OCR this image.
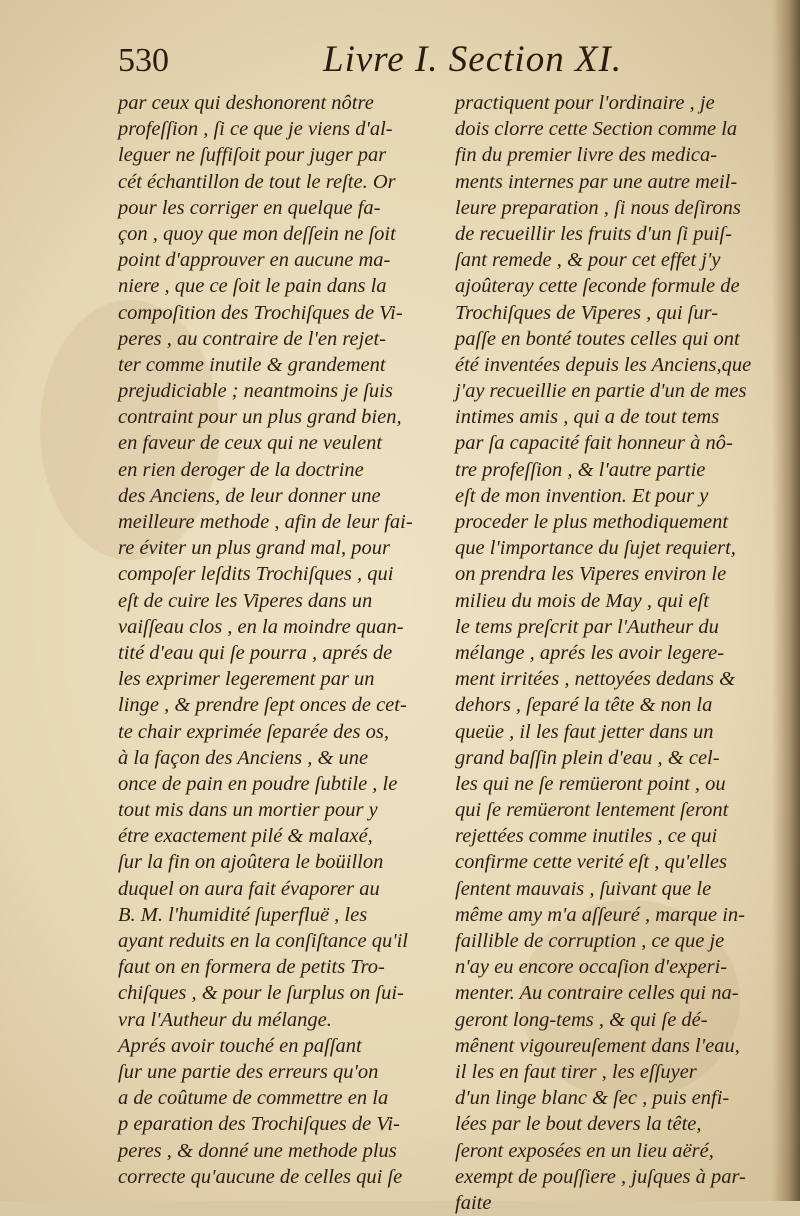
530	Livre I. Section XI.
par ceux qui deshonorent nôtre
profeſſion , ſi ce que je viens d'al-
leguer ne ſuffiſoit pour juger par
cét échantillon de tout le reſte. Or
pour les corriger en quelque fa-
çon , quoy que mon deſſein ne ſoit
point d'approuver en aucune ma-
niere , que ce ſoit le pain dans la
compoſition des Trochiſques de Vi-
peres , au contraire de l'en rejet-
ter comme inutile & grandement
prejudiciable ; neantmoins je ſuis
contraint pour un plus grand bien,
en faveur de ceux qui ne veulent
en rien deroger de la doctrine
des Anciens, de leur donner une
meilleure methode , afin de leur fai-
re éviter un plus grand mal, pour
compoſer leſdits Trochiſques , qui
eſt de cuire les Viperes dans un
vaiſſeau clos , en la moindre quan-
tité d'eau qui ſe pourra , aprés de
les exprimer legerement par un
linge , & prendre ſept onces de cet-
te chair exprimée ſeparée des os,
à la façon des Anciens , & une
once de pain en poudre ſubtile , le
tout mis dans un mortier pour y
étre exactement pilé & malaxé,
ſur la fin on ajoûtera le boüillon
duquel on aura fait évaporer au
B. M. l'humidité ſuperfluë , les
ayant reduits en la conſiſtance qu'il
faut on en formera de petits Tro-
chiſques , & pour le ſurplus on ſui-
vra l'Autheur du mélange.
Aprés avoir touché en paſſant
ſur une partie des erreurs qu'on
a de coûtume de commettre en la
p eparation des Trochiſques de Vi-
peres , & donné une methode plus
correcte qu'aucune de celles qui ſe
practiquent pour l'ordinaire , je
dois clorre cette Section comme la
fin du premier livre des medica-
ments internes par une autre meil-
leure preparation , ſi nous deſirons
de recueillir les fruits d'un ſi puiſ-
ſant remede , & pour cet effet j'y
ajoûteray cette ſeconde formule de
Trochiſques de Viperes , qui ſur-
paſſe en bonté toutes celles qui ont
été inventées depuis les Anciens,que
j'ay recueillie en partie d'un de mes
intimes amis , qui a de tout tems
par ſa capacité fait honneur à nô-
tre profeſſion , & l'autre partie
eſt de mon invention. Et pour y
proceder le plus methodiquement
que l'importance du ſujet requiert,
on prendra les Viperes environ le
milieu du mois de May , qui eſt
le tems preſcrit par l'Autheur du
mélange , aprés les avoir legere-
ment irritées , nettoyées dedans &
dehors , ſeparé la tête & non la
queüe , il les faut jetter dans un
grand baſſin plein d'eau , & cel-
les qui ne ſe remüeront point , ou
qui ſe remüeront lentement ſeront
rejettées comme inutiles , ce qui
confirme cette verité eſt , qu'elles
ſentent mauvais , ſuivant que le
même amy m'a aſſeuré , marque in-
faillible de corruption , ce que je
n'ay eu encore occaſion d'experi-
menter. Au contraire celles qui na-
geront long-tems , & qui ſe dé-
mênent vigoureuſement dans l'eau,
il les en faut tirer , les eſſuyer
d'un linge blanc & ſec , puis enfi-
lées par le bout devers la tête,
ſeront exposées en un lieu aëré,
exempt de pouſſiere , juſques à par-
faite
